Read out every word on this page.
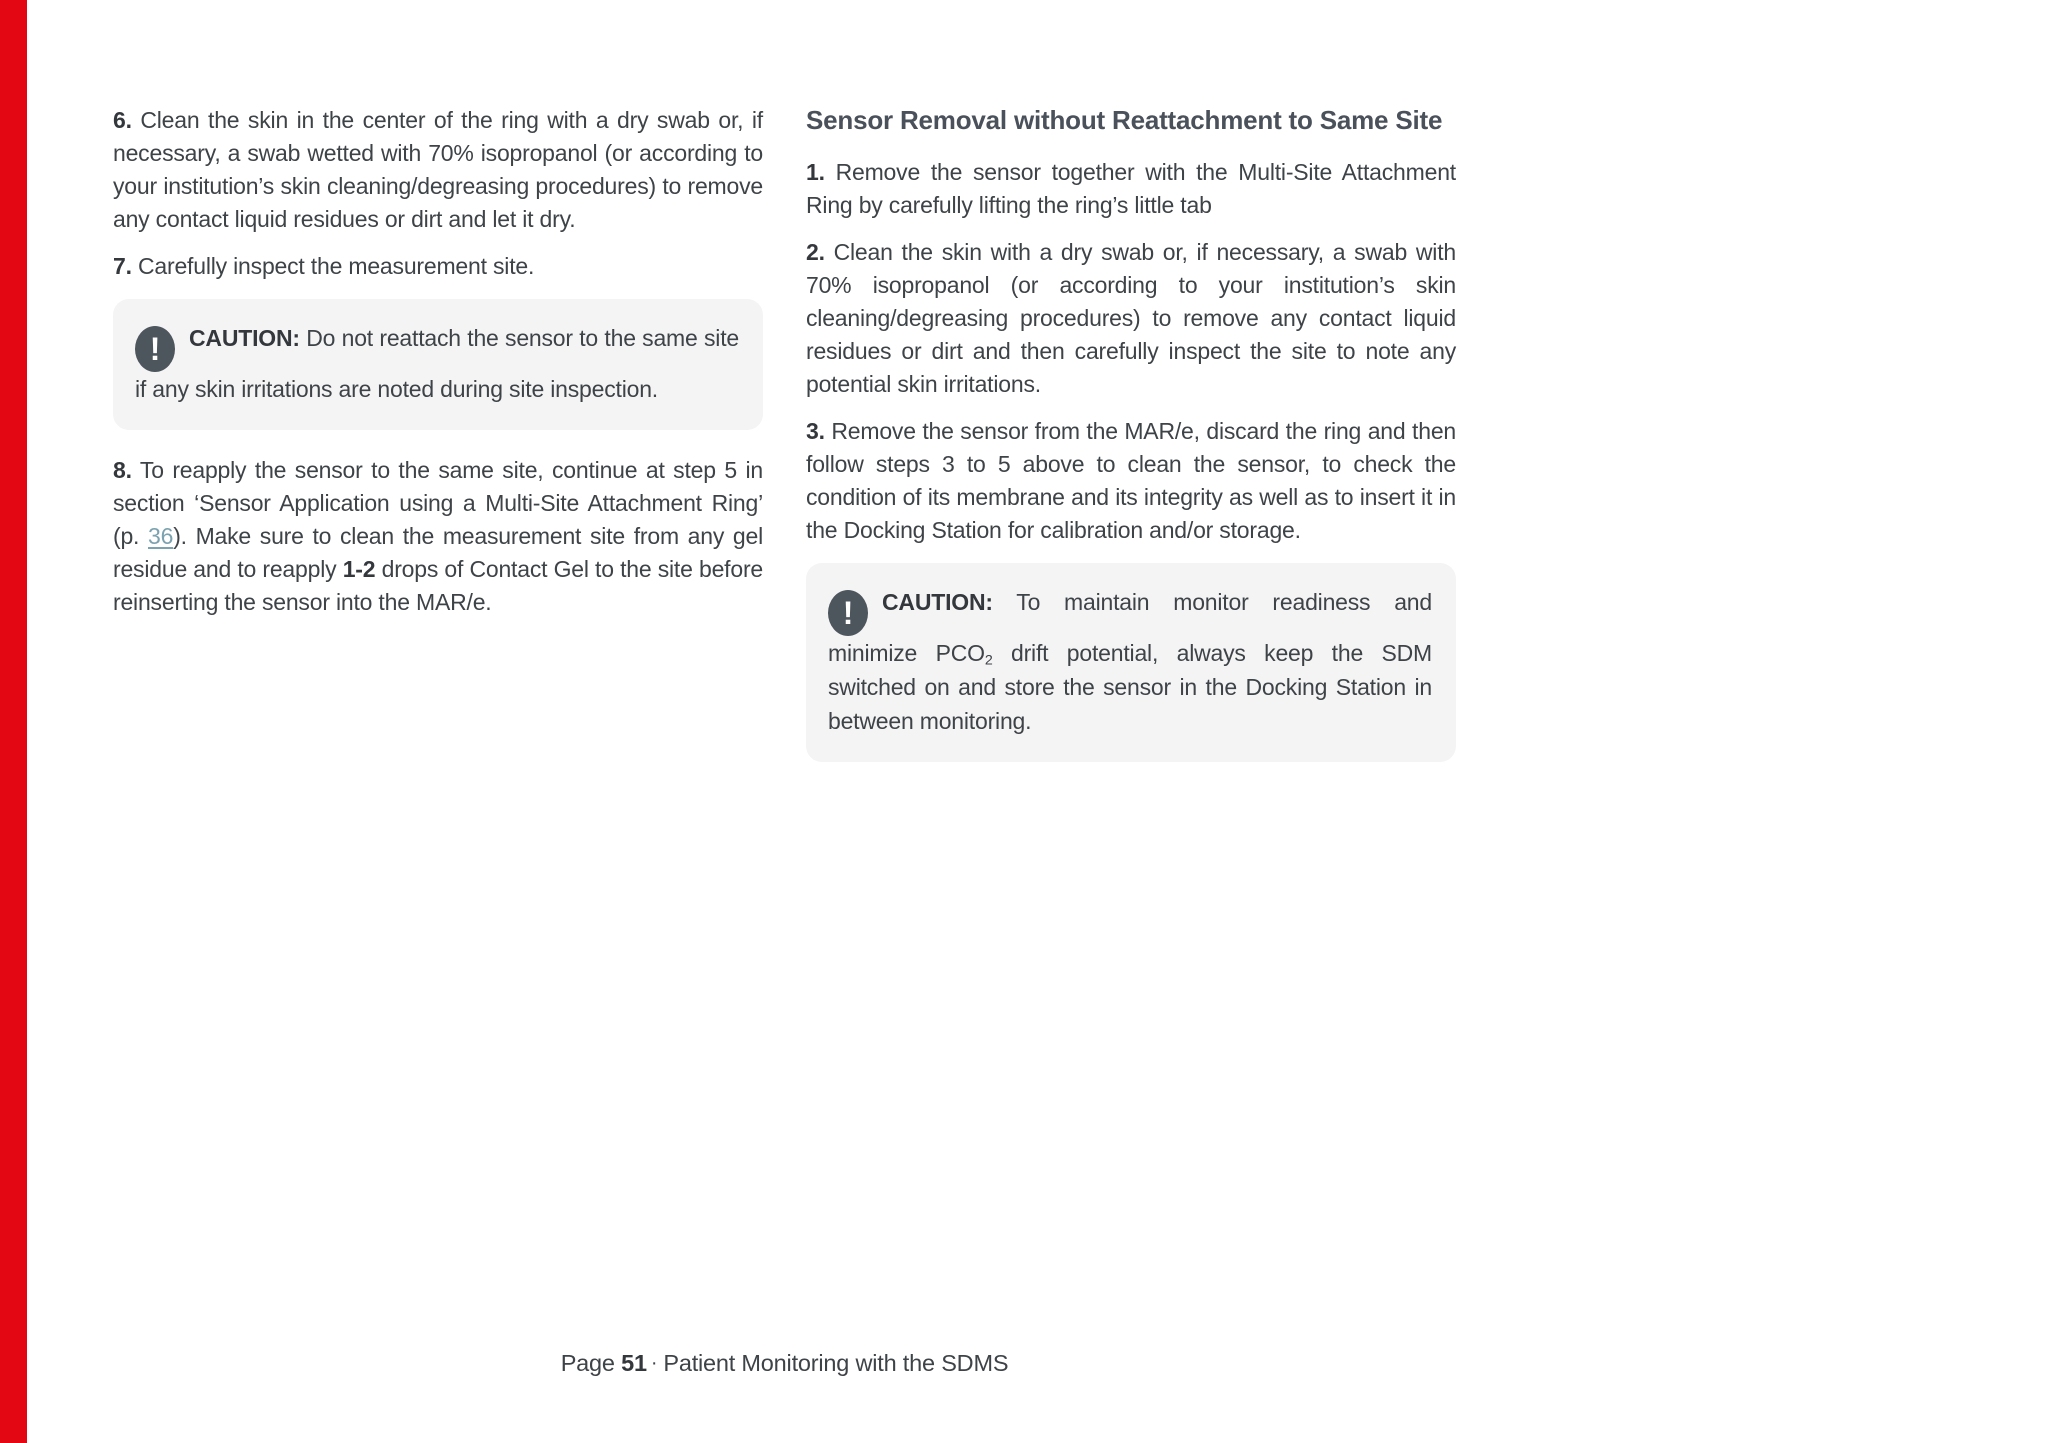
6. Clean the skin in the center of the ring with a dry swab or, if necessary, a swab wetted with 70% isopropanol (or according to your institution’s skin cleaning/degreasing procedures) to remove any contact liquid residues or dirt and let it dry.

7. Carefully inspect the measurement site.

! CAUTION: Do not reattach the sensor to the same site if any skin irritations are noted during site inspection.

8. To reapply the sensor to the same site, continue at step 5 in section ‘Sensor Application using a Multi-Site Attachment Ring’ (p. 36). Make sure to clean the measurement site from any gel residue and to reapply 1-2 drops of Contact Gel to the site before reinserting the sensor into the MAR/e.

Sensor Removal without Reattachment to Same Site

1. Remove the sensor together with the Multi-Site Attachment Ring by carefully lifting the ring’s little tab

2. Clean the skin with a dry swab or, if necessary, a swab with 70% isopropanol (or according to your institution’s skin cleaning/degreasing procedures) to remove any contact liquid residues or dirt and then carefully inspect the site to note any potential skin irritations.

3. Remove the sensor from the MAR/e, discard the ring and then follow steps 3 to 5 above to clean the sensor, to check the condition of its membrane and its integrity as well as to insert it in the Docking Station for calibration and/or storage.

! CAUTION: To maintain monitor readiness and minimize $PCO_2$ drift potential, always keep the SDM switched on and store the sensor in the Docking Station in between monitoring.

Page 51 · Patient Monitoring with the SDMS
